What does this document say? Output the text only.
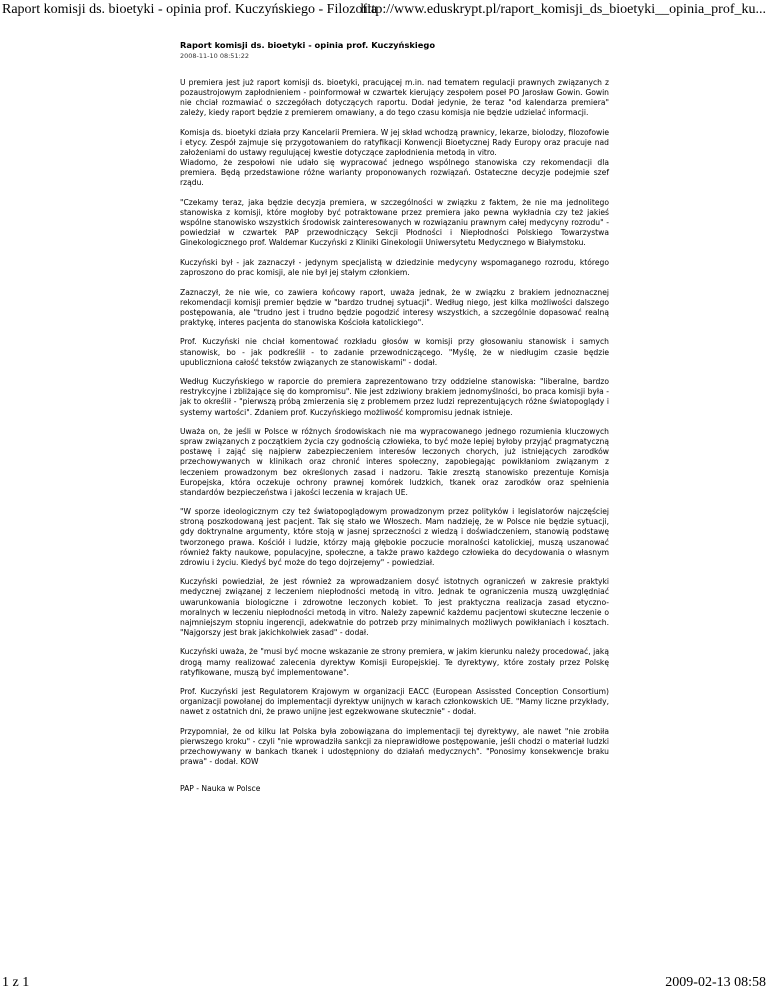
Raport komisji ds. bioetyki - opinia prof. Kuczyńskiego - Filozofia
http://www.eduskrypt.pl/raport_komisji_ds_bioetyki__opinia_prof_ku...
Raport komisji ds. bioetyki - opinia prof. Kuczyńskiego
2008-11-10 08:51:22

U premiera jest już raport komisji ds. bioetyki, pracującej m.in. nad tematem regulacji prawnych związanych z pozaustrojowym zapłodnieniem - poinformował w czwartek kierujący zespołem poseł PO Jarosław Gowin. Gowin nie chciał rozmawiać o szczegółach dotyczących raportu. Dodał jedynie, że teraz "od kalendarza premiera" zależy, kiedy raport będzie z premierem omawiany, a do tego czasu komisja nie będzie udzielać informacji.

Komisja ds. bioetyki działa przy Kancelarii Premiera. W jej skład wchodzą prawnicy, lekarze, biolodzy, filozofowie i etycy. Zespół zajmuje się przygotowaniem do ratyfikacji Konwencji Bioetycznej Rady Europy oraz pracuje nad założeniami do ustawy regulującej kwestie dotyczące zapłodnienia metodą in vitro.
Wiadomo, że zespołowi nie udało się wypracować jednego wspólnego stanowiska czy rekomendacji dla premiera. Będą przedstawione różne warianty proponowanych rozwiązań. Ostateczne decyzje podejmie szef rządu.

"Czekamy teraz, jaka będzie decyzja premiera, w szczególności w związku z faktem, że nie ma jednolitego stanowiska z komisji, które mogłoby być potraktowane przez premiera jako pewna wykładnia czy też jakieś wspólne stanowisko wszystkich środowisk zainteresowanych w rozwiązaniu prawnym całej medycyny rozrodu" - powiedział w czwartek PAP przewodniczący Sekcji Płodności i Niepłodności Polskiego Towarzystwa Ginekologicznego prof. Waldemar Kuczyński z Kliniki Ginekologii Uniwersytetu Medycznego w Białymstoku.

Kuczyński był - jak zaznaczył - jedynym specjalistą w dziedzinie medycyny wspomaganego rozrodu, którego zaproszono do prac komisji, ale nie był jej stałym członkiem.

Zaznaczył, że nie wie, co zawiera końcowy raport, uważa jednak, że w związku z brakiem jednoznacznej rekomendacji komisji premier będzie w "bardzo trudnej sytuacji". Według niego, jest kilka możliwości dalszego postępowania, ale "trudno jest i trudno będzie pogodzić interesy wszystkich, a szczególnie dopasować realną praktykę, interes pacjenta do stanowiska Kościoła katolickiego".

Prof. Kuczyński nie chciał komentować rozkładu głosów w komisji przy głosowaniu stanowisk i samych stanowisk, bo - jak podkreślił - to zadanie przewodniczącego. "Myślę, że w niedługim czasie będzie upubliczniona całość tekstów związanych ze stanowiskami" - dodał.

Według Kuczyńskiego w raporcie do premiera zaprezentowano trzy oddzielne stanowiska: "liberalne, bardzo restrykcyjne i zbliżające się do kompromisu". Nie jest zdziwiony brakiem jednomyślności, bo praca komisji była - jak to określił - "pierwszą próbą zmierzenia się z problemem przez ludzi reprezentujących różne światopoglądy i systemy wartości". Zdaniem prof. Kuczyńskiego możliwość kompromisu jednak istnieje.

Uważa on, że jeśli w Polsce w różnych środowiskach nie ma wypracowanego jednego rozumienia kluczowych spraw związanych z początkiem życia czy godnością człowieka, to być może lepiej byłoby przyjąć pragmatyczną postawę i zająć się najpierw zabezpieczeniem interesów leczonych chorych, już istniejących zarodków przechowywanych w klinikach oraz chronić interes społeczny, zapobiegając powikłaniom związanym z leczeniem prowadzonym bez określonych zasad i nadzoru. Takie zresztą stanowisko prezentuje Komisja Europejska, która oczekuje ochrony prawnej komórek ludzkich, tkanek oraz zarodków oraz spełnienia standardów bezpieczeństwa i jakości leczenia w krajach UE.

"W sporze ideologicznym czy też światopoglądowym prowadzonym przez polityków i legislatorów najczęściej stroną poszkodowaną jest pacjent. Tak się stało we Włoszech. Mam nadzieję, że w Polsce nie będzie sytuacji, gdy doktrynalne argumenty, które stoją w jasnej sprzeczności z wiedzą i doświadczeniem, stanowią podstawę tworzonego prawa. Kościół i ludzie, którzy mają głębokie poczucie moralności katolickiej, muszą uszanować również fakty naukowe, populacyjne, społeczne, a także prawo każdego człowieka do decydowania o własnym zdrowiu i życiu. Kiedyś być może do tego dojrzejemy" - powiedział.

Kuczyński powiedział, że jest również za wprowadzaniem dosyć istotnych ograniczeń w zakresie praktyki medycznej związanej z leczeniem niepłodności metodą in vitro. Jednak te ograniczenia muszą uwzględniać uwarunkowania biologiczne i zdrowotne leczonych kobiet. To jest praktyczna realizacja zasad etyczno-moralnych w leczeniu niepłodności metodą in vitro. Należy zapewnić każdemu pacjentowi skuteczne leczenie o najmniejszym stopniu ingerencji, adekwatnie do potrzeb przy minimalnych możliwych powikłaniach i kosztach. "Najgorszy jest brak jakichkolwiek zasad" - dodał.

Kuczyński uważa, że "musi być mocne wskazanie ze strony premiera, w jakim kierunku należy procedować, jaką drogą mamy realizować zalecenia dyrektyw Komisji Europejskiej. Te dyrektywy, które zostały przez Polskę ratyfikowane, muszą być implementowane".

Prof. Kuczyński jest Regulatorem Krajowym w organizacji EACC (European Assissted Conception Consortium) organizacji powołanej do implementacji dyrektyw unijnych w karach członkowskich UE. "Mamy liczne przykłady, nawet z ostatnich dni, że prawo unijne jest egzekwowane skutecznie" - dodał.

Przypomniał, że od kilku lat Polska była zobowiązana do implementacji tej dyrektywy, ale nawet "nie zrobiła pierwszego kroku" - czyli "nie wprowadziła sankcji za nieprawidłowe postępowanie, jeśli chodzi o materiał ludzki przechowywany w bankach tkanek i udostępniony do działań medycznych". "Ponosimy konsekwencje braku prawa" - dodał. KOW

PAP - Nauka w Polsce
1 z 1	2009-02-13 08:58
